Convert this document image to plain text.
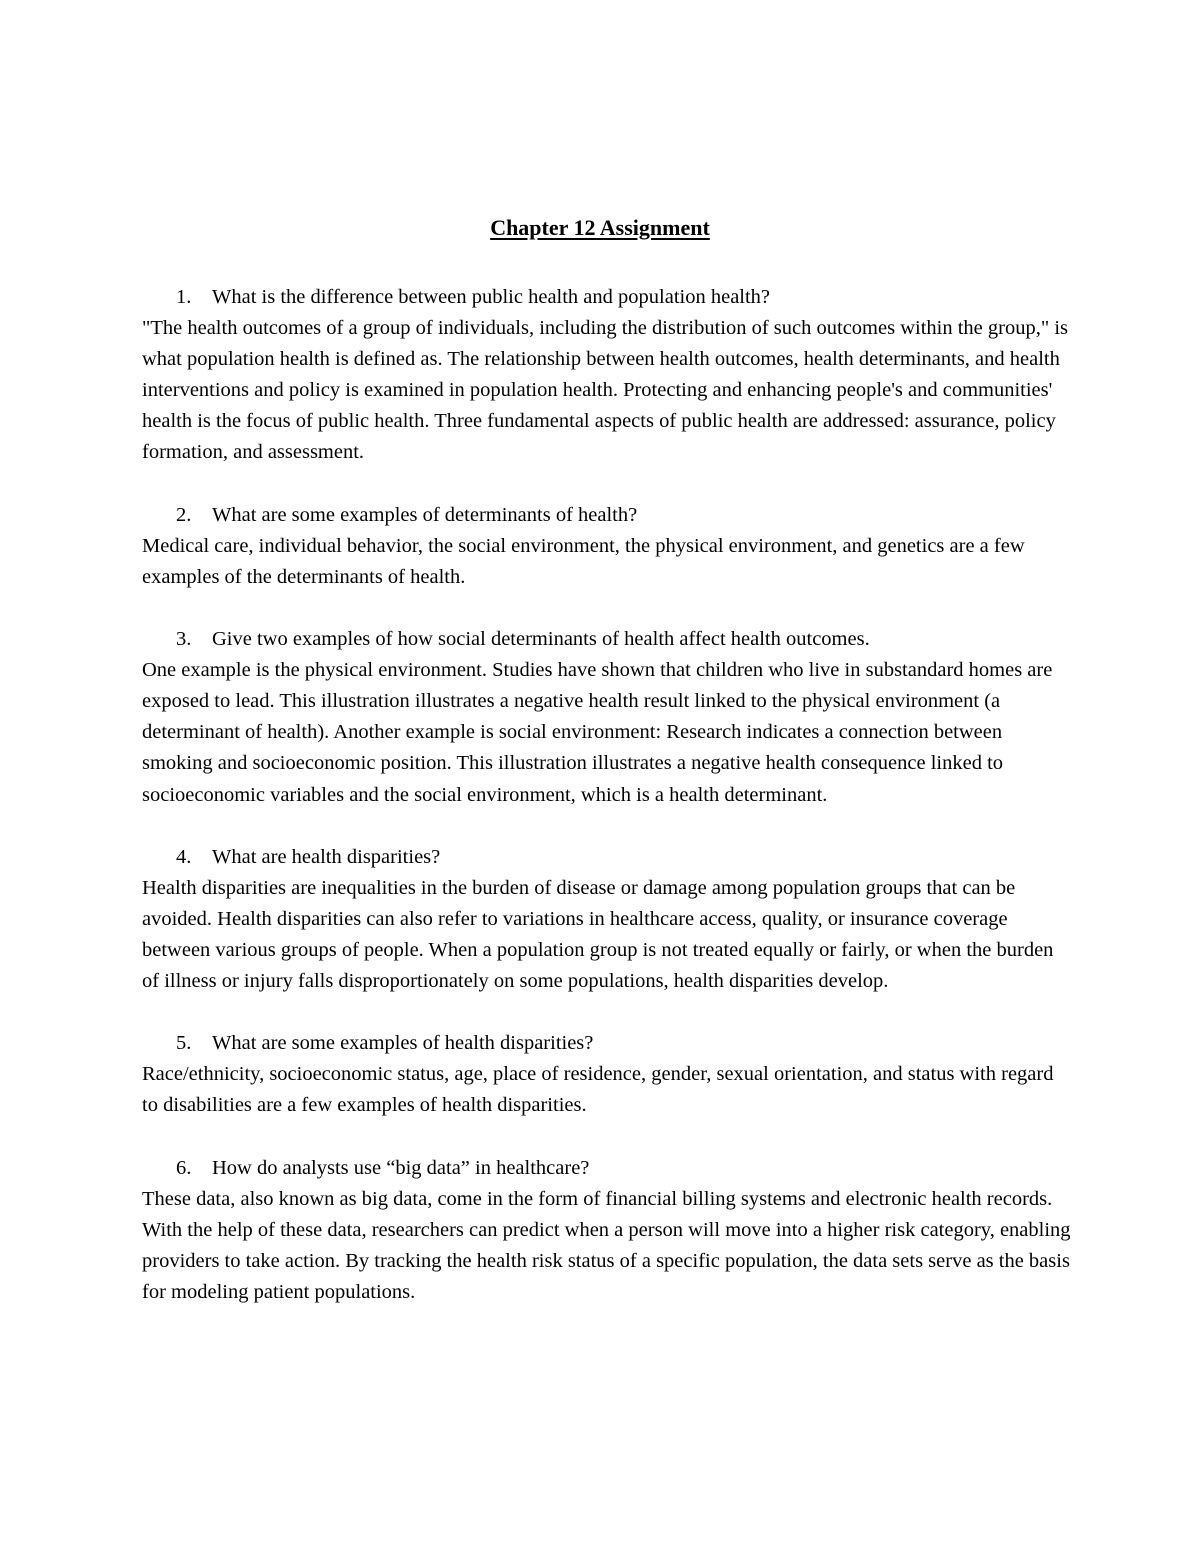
Chapter 12 Assignment
1.	What is the difference between public health and population health?

"The health outcomes of a group of individuals, including the distribution of such outcomes within the group," is what population health is defined as. The relationship between health outcomes, health determinants, and health interventions and policy is examined in population health. Protecting and enhancing people's and communities' health is the focus of public health. Three fundamental aspects of public health are addressed: assurance, policy formation, and assessment.

2.	What are some examples of determinants of health?

Medical care, individual behavior, the social environment, the physical environment, and genetics are a few examples of the determinants of health.

3.	Give two examples of how social determinants of health affect health outcomes.

One example is the physical environment. Studies have shown that children who live in substandard homes are exposed to lead. This illustration illustrates a negative health result linked to the physical environment (a determinant of health). Another example is social environment: Research indicates a connection between smoking and socioeconomic position. This illustration illustrates a negative health consequence linked to socioeconomic variables and the social environment, which is a health determinant.

4.	What are health disparities?

Health disparities are inequalities in the burden of disease or damage among population groups that can be avoided. Health disparities can also refer to variations in healthcare access, quality, or insurance coverage between various groups of people. When a population group is not treated equally or fairly, or when the burden of illness or injury falls disproportionately on some populations, health disparities develop.

5.	What are some examples of health disparities?

Race/ethnicity, socioeconomic status, age, place of residence, gender, sexual orientation, and status with regard to disabilities are a few examples of health disparities.

6.	How do analysts use “big data” in healthcare?

These data, also known as big data, come in the form of financial billing systems and electronic health records. With the help of these data, researchers can predict when a person will move into a higher risk category, enabling providers to take action. By tracking the health risk status of a specific population, the data sets serve as the basis for modeling patient populations.
